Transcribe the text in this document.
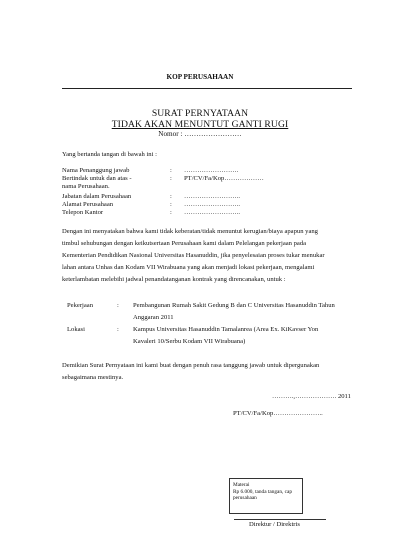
KOP PERUSAHAAN
SURAT PERNYATAAN
TIDAK AKAN MENUNTUT GANTI RUGI
Nomor : ……………………
Yang bertanda tangan di bawah ini :
Nama Penanggung jawab	: …………………….
Bertindak untuk dan atas -	: PT/CV/Fa/Kop………………
nama Perusahaan.
Jabatan dalam Perusahaan	: ……………………..
Alamat Perusahaan	: ……………………..
Telepon Kantor	: ……………………..
Dengan ini menyatakan bahwa kami tidak keberatan/tidak menuntut kerugian/biaya apapun yang
timbul sehubungan dengan keikutsertaan Perusahaan kami dalam Pelelangan pekerjaan pada
Kementerian Pendidikan Nasional Universitas Hasanuddin, jika penyelesaian proses tukar menukar
lahan antara Unhas dan Kodam VII Wirabuana yang akan menjadi lokasi pekerjaan, mengalami
keterlambatan melebihi jadwal penandatanganan kontrak yang direncanakan, untuk :
Pekerjaan	: Pembangunan Rumah Sakit Gedung B dan C Universitas Hasanuddin Tahun
Anggaran 2011
Lokasi	: Kampus Universitas Hasanuddin Tamalanrea (Area Ex. KiKavser Yon
Kavaleri 10/Serbu Kodam VII Wirabuana)
Demikian Surat Pernyataan ini kami buat dengan penuh rasa tanggung jawab untuk dipergunakan
sebagaimana mestinya.
……….,………………. 2011
PT/CV/Fa/Kop…………………..
Materai
Rp 6.000, tanda tangan, cap
perusahaan
Direktur / Direktris
